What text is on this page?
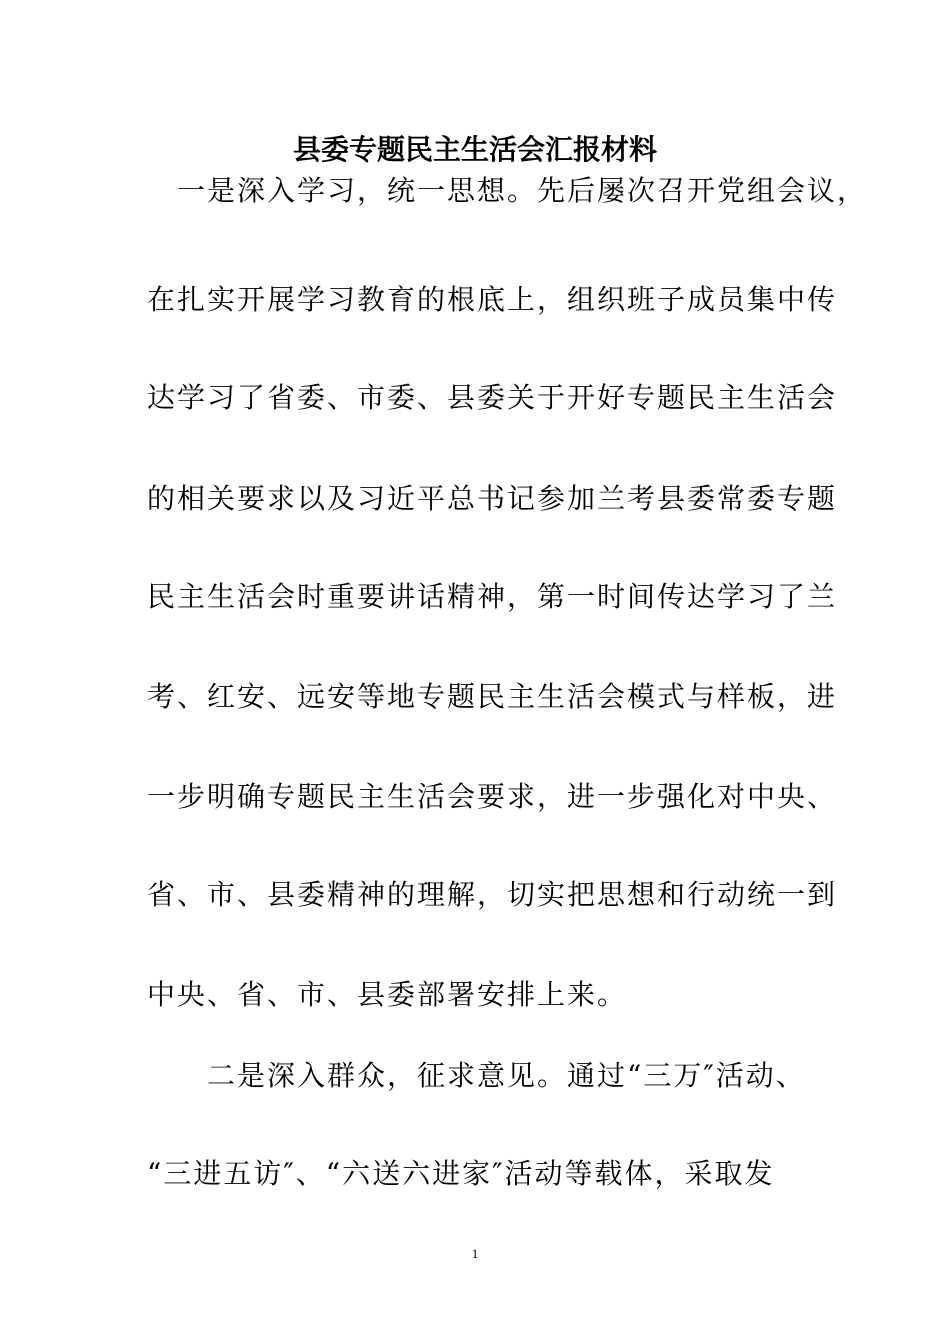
县委专题民主生活会汇报材料
　一是深入学习，统一思想。先后屡次召开党组会议，
在扎实开展学习教育的根底上，组织班子成员集中传
达学习了省委、市委、县委关于开好专题民主生活会
的相关要求以及习近平总书记参加兰考县委常委专题
民主生活会时重要讲话精神，第一时间传达学习了兰
考、红安、远安等地专题民主生活会模式与样板，进
一步明确专题民主生活会要求，进一步强化对中央、
省、市、县委精神的理解，切实把思想和行动统一到
中央、省、市、县委部署安排上来。
　　二是深入群众，征求意见。通过“三万″活动、
“三进五访″、“六送六进家″活动等载体，采取发
1
